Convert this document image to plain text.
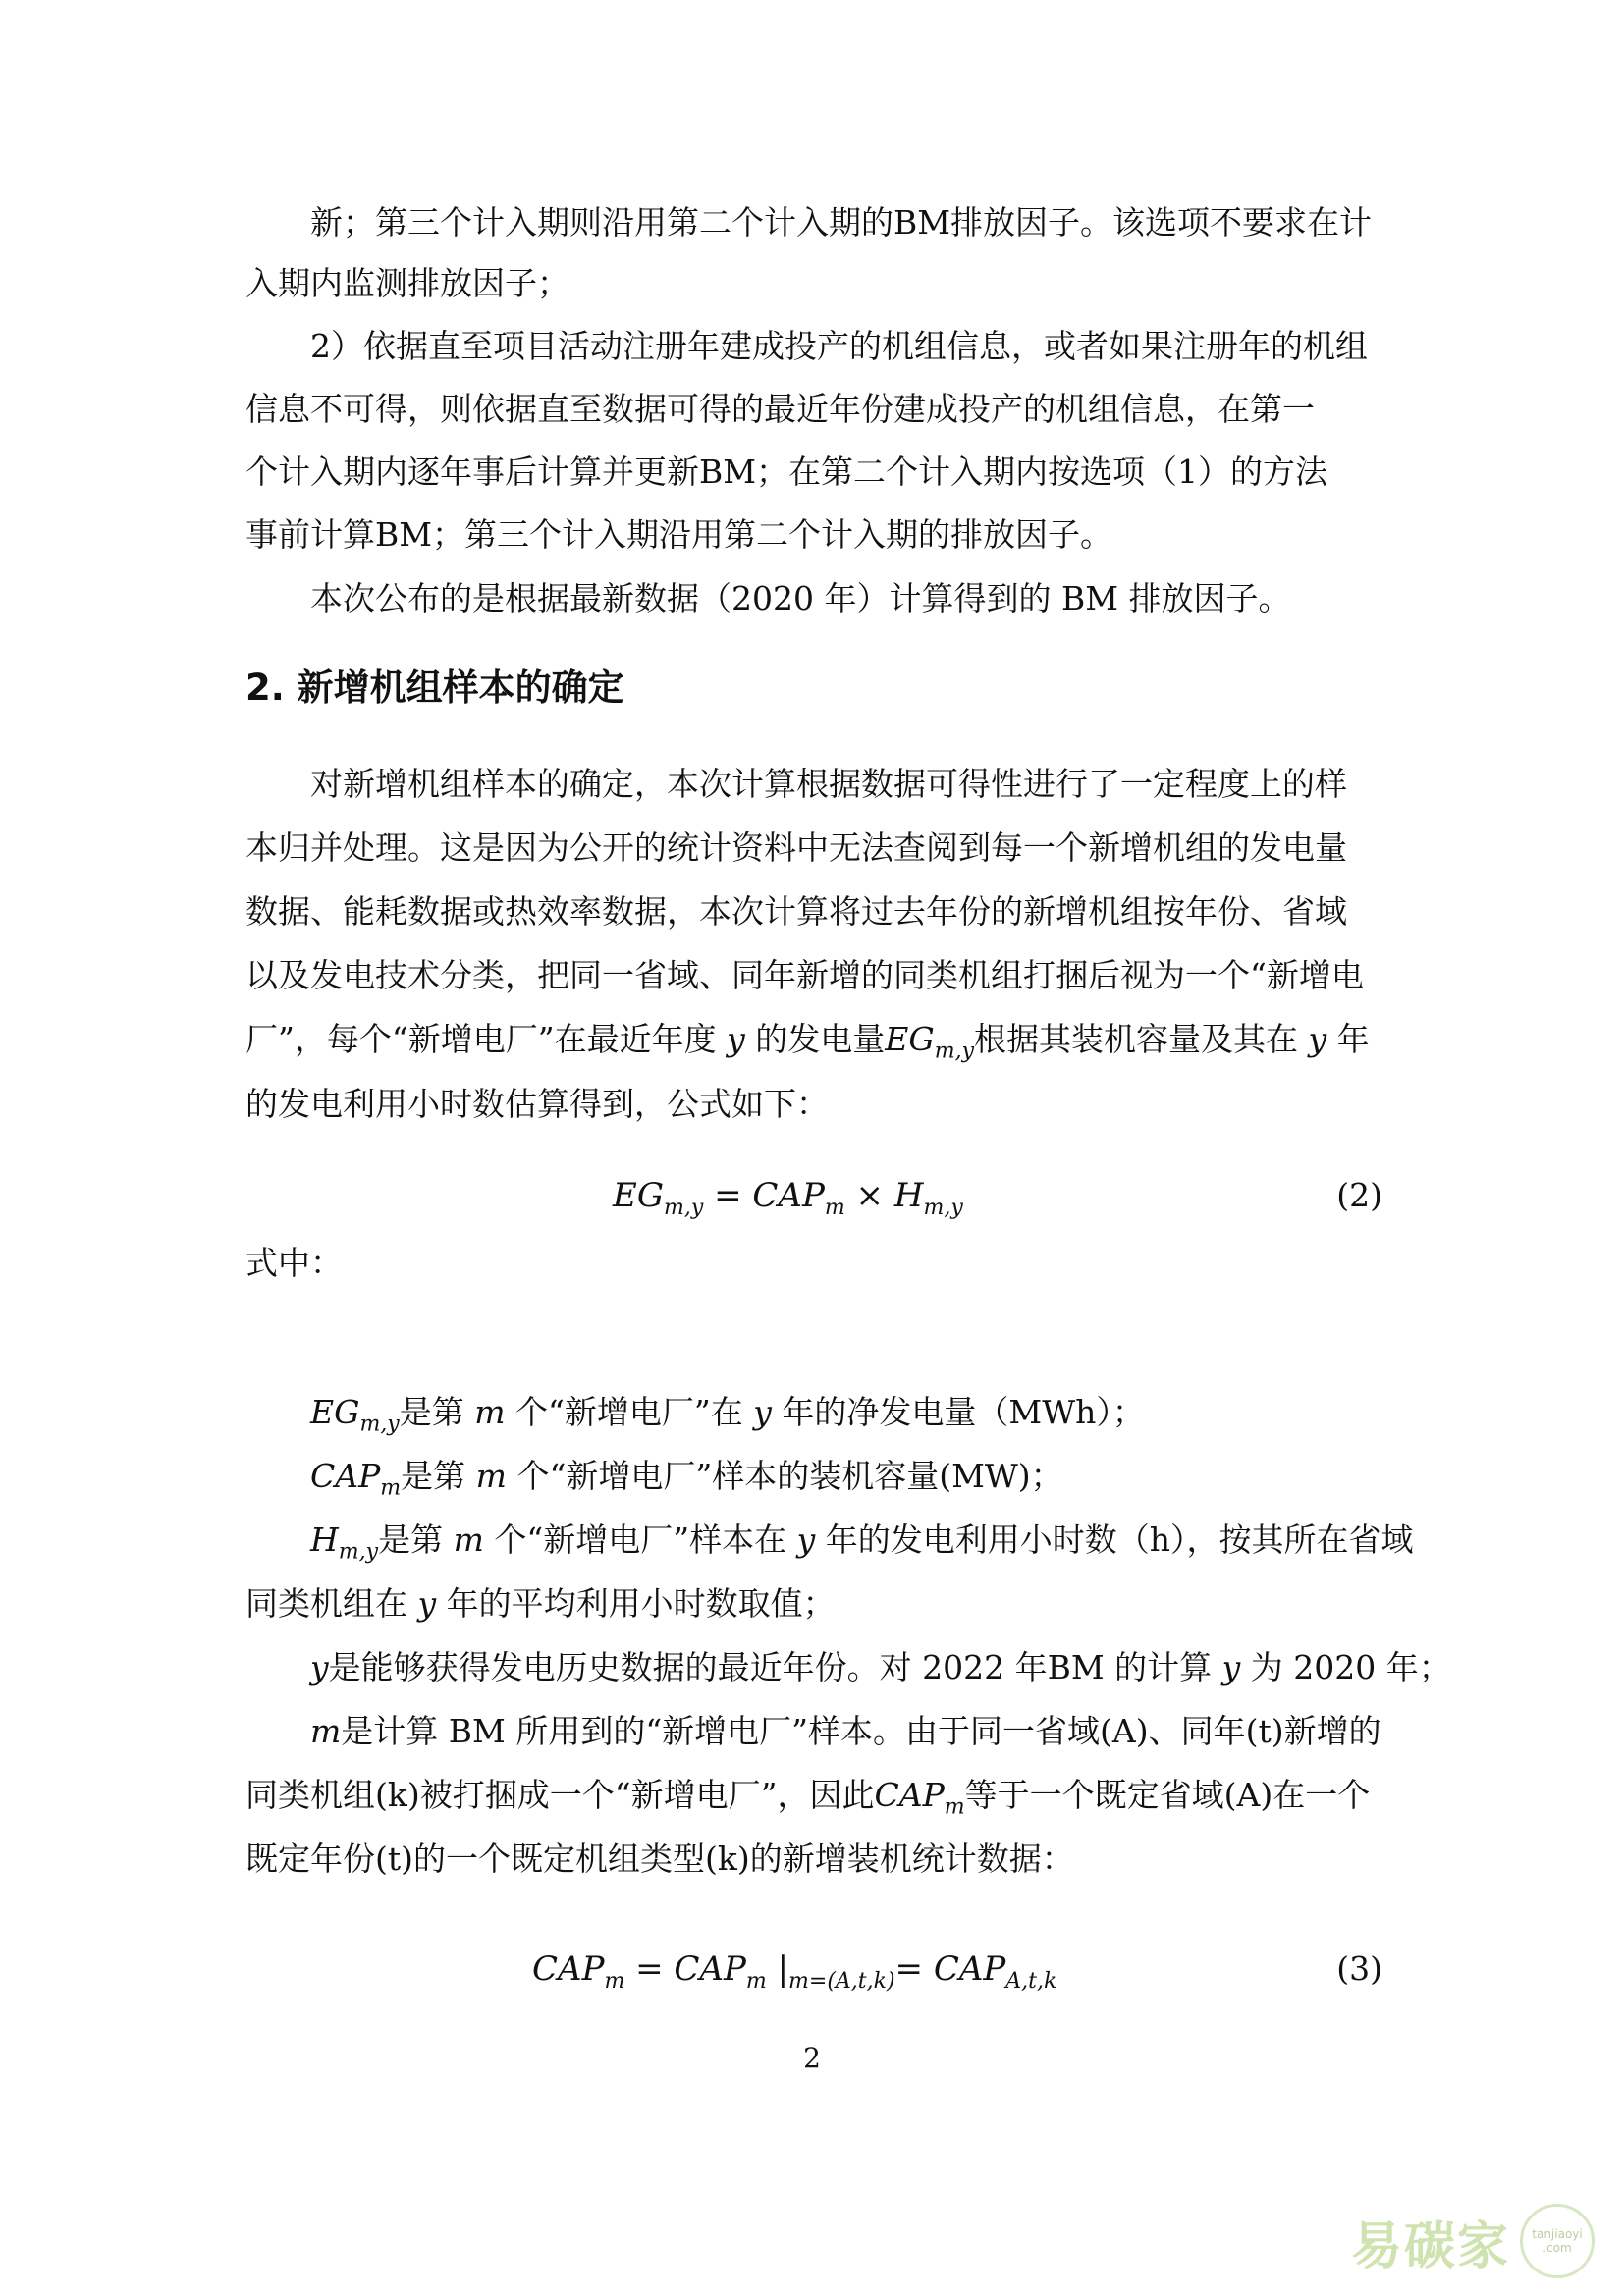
新；第三个计入期则沿用第二个计入期的BM排放因子。该选项不要求在计

入期内监测排放因子；

2）依据直至项目活动注册年建成投产的机组信息，或者如果注册年的机组

信息不可得，则依据直至数据可得的最近年份建成投产的机组信息，在第一

个计入期内逐年事后计算并更新BM；在第二个计入期内按选项（1）的方法

事前计算BM；第三个计入期沿用第二个计入期的排放因子。

本次公布的是根据最新数据（2020 年）计算得到的 BM 排放因子。

2. 新增机组样本的确定

对新增机组样本的确定，本次计算根据数据可得性进行了一定程度上的样

本归并处理。这是因为公开的统计资料中无法查阅到每一个新增机组的发电量

数据、能耗数据或热效率数据，本次计算将过去年份的新增机组按年份、省域

以及发电技术分类，把同一省域、同年新增的同类机组打捆后视为一个“新增电

厂”，每个“新增电厂”在最近年度 y 的发电量$EG_{m,y}$根据其装机容量及其在 y 年

的发电利用小时数估算得到，公式如下：

$EG_{m,y} = CAP_m \times H_{m,y}$	(2)

式中：

$EG_{m,y}$是第 m 个“新增电厂”在 y 年的净发电量（MWh）；

$CAP_m$是第 m 个“新增电厂”样本的装机容量(MW)；

$H_{m,y}$是第 m 个“新增电厂”样本在 y 年的发电利用小时数（h），按其所在省域

同类机组在 y 年的平均利用小时数取值；

y是能够获得发电历史数据的最近年份。对 2022 年BM 的计算 y 为 2020 年；

m是计算 BM 所用到的“新增电厂”样本。由于同一省域(A)、同年(t)新增的

同类机组(k)被打捆成一个“新增电厂”，因此$CAP_m$等于一个既定省域(A)在一个

既定年份(t)的一个既定机组类型(k)的新增装机统计数据：

$CAP_m = CAP_m$ $|_{m=(A,t,k)}= CAP_{A,t,k}$	(3)
2
易碳家	tanjiaoyi .com
